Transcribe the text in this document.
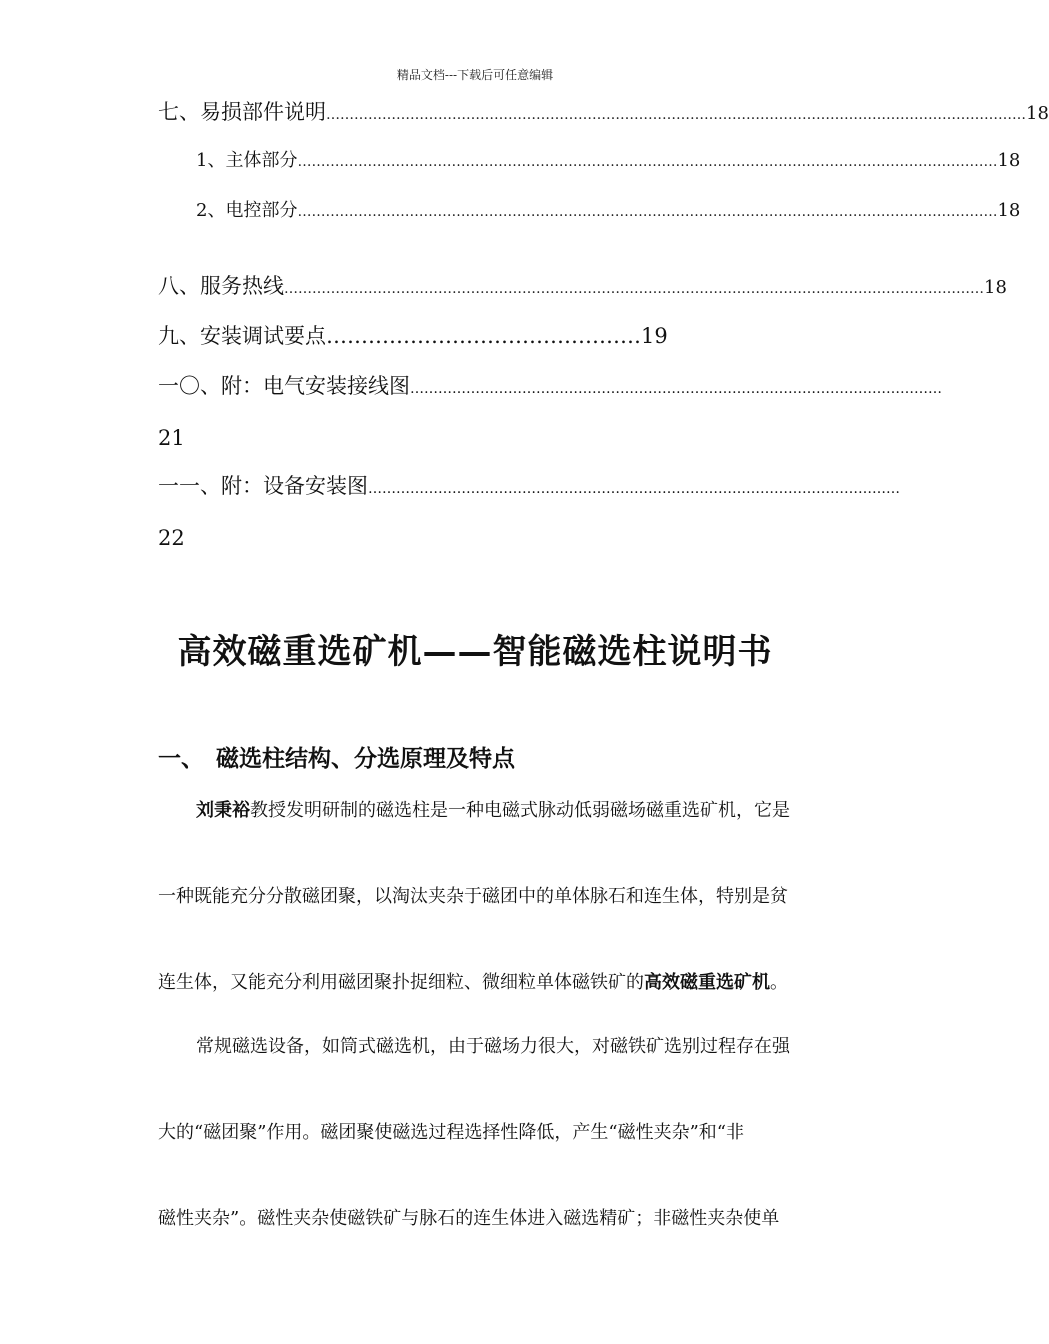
精品文档---下载后可任意编辑
七、易损部件说明 …………………………………………………………………………………………………………………………………… 18
1、主体部分 …………………………………………………………………………………………………………………………………… 18
2、电控部分 …………………………………………………………………………………………………………………………………… 18
八、服务热线 …………………………………………………………………………………………………………………………………… 18
九、安装调试要点………………………………………19
一〇、附：电气安装接线图 ……………………………………………………………………………………………………
21
一一、附：设备安装图 ……………………………………………………………………………………………………
22
高效磁重选矿机——智能磁选柱说明书
一、 磁选柱结构、分选原理及特点
刘秉裕教授发明研制的磁选柱是一种电磁式脉动低弱磁场磁重选矿机，它是
一种既能充分分散磁团聚，以淘汰夹杂于磁团中的单体脉石和连生体，特别是贫
连生体，又能充分利用磁团聚扑捉细粒、微细粒单体磁铁矿的高效磁重选矿机。
常规磁选设备，如筒式磁选机，由于磁场力很大，对磁铁矿选别过程存在强
大的“磁团聚”作用。磁团聚使磁选过程选择性降低，产生“磁性夹杂”和“非
磁性夹杂”。磁性夹杂使磁铁矿与脉石的连生体进入磁选精矿；非磁性夹杂使单
